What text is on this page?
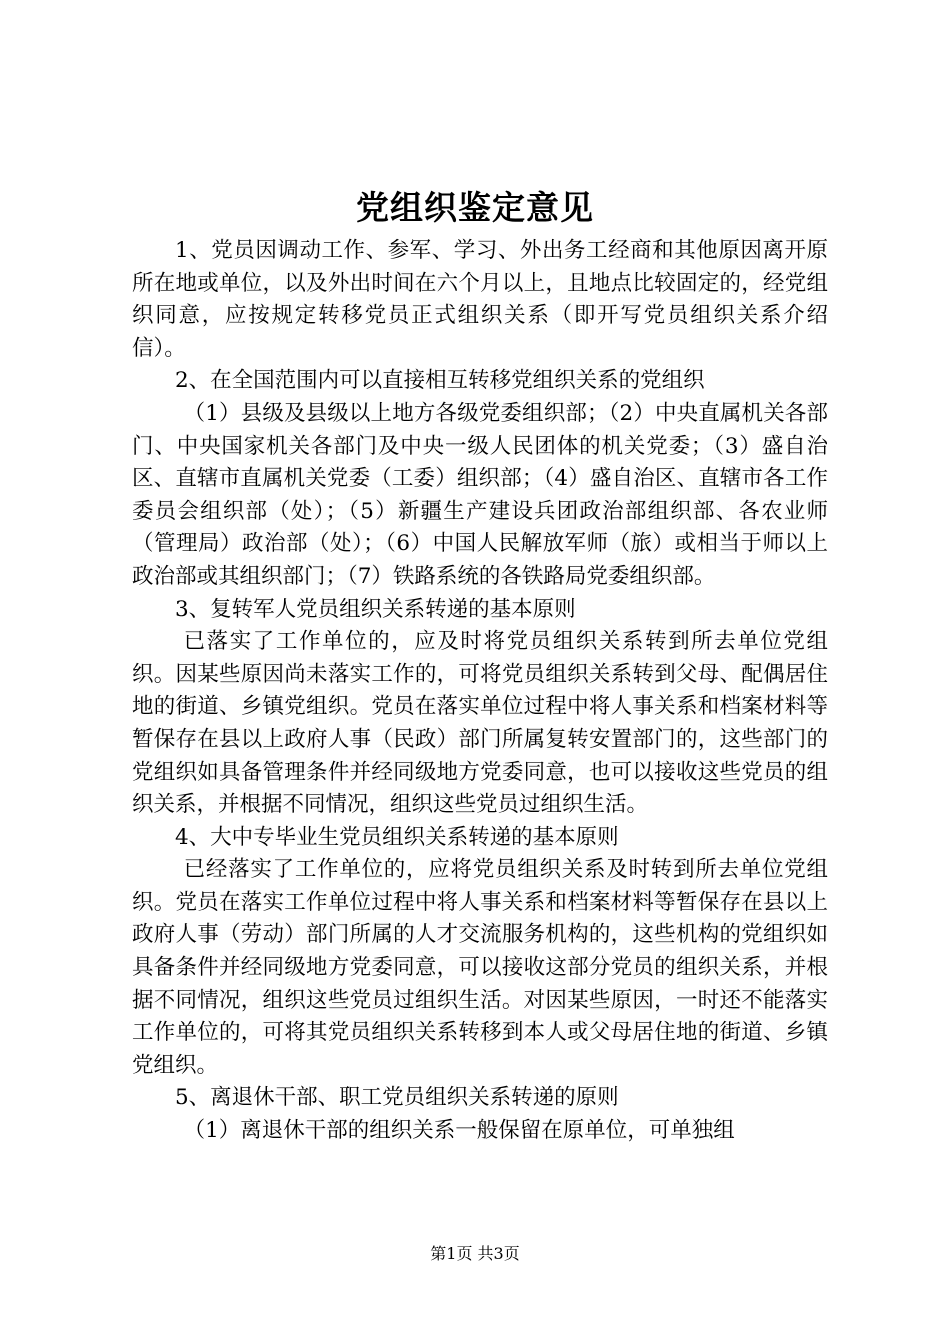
党组织鉴定意见

1、党员因调动工作、参军、学习、外出务工经商和其他原因离开原所在地或单位，以及外出时间在六个月以上，且地点比较固定的，经党组织同意，应按规定转移党员正式组织关系（即开写党员组织关系介绍信）。

2、在全国范围内可以直接相互转移党组织关系的党组织

（1）县级及县级以上地方各级党委组织部；（2）中央直属机关各部门、中央国家机关各部门及中央一级人民团体的机关党委；（3）盛自治区、直辖市直属机关党委（工委）组织部；（4）盛自治区、直辖市各工作委员会组织部（处）；（5）新疆生产建设兵团政治部组织部、各农业师（管理局）政治部（处）；（6）中国人民解放军师（旅）或相当于师以上政治部或其组织部门；（7）铁路系统的各铁路局党委组织部。

3、复转军人党员组织关系转递的基本原则

已落实了工作单位的，应及时将党员组织关系转到所去单位党组织。因某些原因尚未落实工作的，可将党员组织关系转到父母、配偶居住地的街道、乡镇党组织。党员在落实单位过程中将人事关系和档案材料等暂保存在县以上政府人事（民政）部门所属复转安置部门的，这些部门的党组织如具备管理条件并经同级地方党委同意，也可以接收这些党员的组织关系，并根据不同情况，组织这些党员过组织生活。

4、大中专毕业生党员组织关系转递的基本原则

已经落实了工作单位的，应将党员组织关系及时转到所去单位党组织。党员在落实工作单位过程中将人事关系和档案材料等暂保存在县以上政府人事（劳动）部门所属的人才交流服务机构的，这些机构的党组织如具备条件并经同级地方党委同意，可以接收这部分党员的组织关系，并根据不同情况，组织这些党员过组织生活。对因某些原因，一时还不能落实工作单位的，可将其党员组织关系转移到本人或父母居住地的街道、乡镇党组织。

5、离退休干部、职工党员组织关系转递的原则

（1）离退休干部的组织关系一般保留在原单位，可单独组

第1页 共3页
